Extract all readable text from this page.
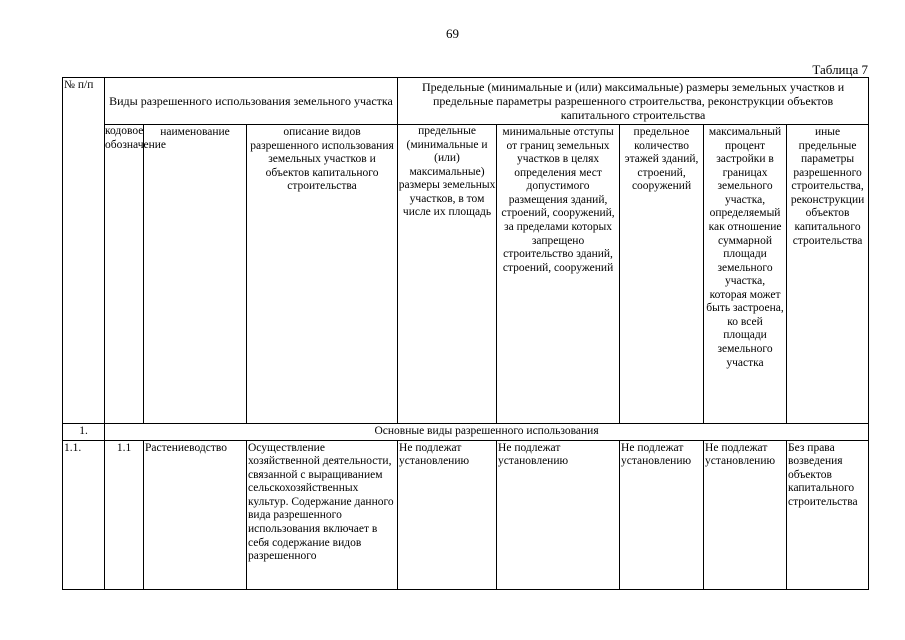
69
Таблица 7
№ п/п	Виды разрешенного использования земельного участка			Предельные (минимальные и (или) максимальные) размеры земельных участков и предельные параметры разрешенного строительства, реконструкции объектов капитального строительства				
	кодовое обозначение	наименование	описание видов разрешенного использования земельных участков и объектов капитального строительства	предельные (минимальные и (или) максимальные) размеры земельных участков, в том числе их площадь	минимальные отступы от границ земельных участков в целях определения мест допустимого размещения зданий, строений, сооружений, за пределами которых запрещено строительство зданий, строений, сооружений	предельное количество этажей зданий, строений, сооружений	максимальный процент застройки в границах земельного участка, определяемый как отношение суммарной площади земельного участка, которая может быть застроена, ко всей площади земельного участка	иные предельные параметры разрешенного строительства, реконструкции объектов капитального строительства
1.	Основные виды разрешенного использования							
1.1.	1.1	Растениеводство	Осуществление хозяйственной деятельности, связанной с выращиванием сельскохозяйственных культур. Содержание данного вида разрешенного использования включает в себя содержание видов разрешенного	Не подлежат установлению	Не подлежат установлению	Не подлежат установлению	Не подлежат установлению	Без права возведения объектов капитального строительства
